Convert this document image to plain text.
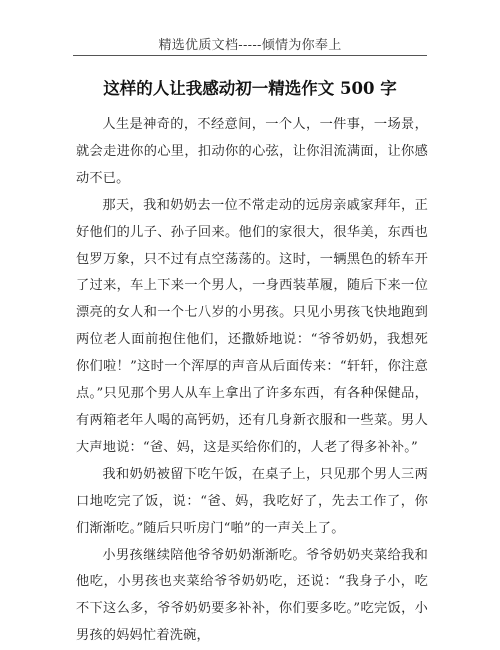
精选优质文档-----倾情为你奉上
这样的人让我感动初一精选作文 500 字

人生是神奇的，不经意间，一个人，一件事，一场景，就会走进你的心里，扣动你的心弦，让你泪流满面，让你感动不已。

那天，我和奶奶去一位不常走动的远房亲戚家拜年，正好他们的儿子、孙子回来。他们的家很大，很华美，东西也包罗万象，只不过有点空荡荡的。这时，一辆黑色的轿车开了过来，车上下来一个男人，一身西装革履，随后下来一位漂亮的女人和一个七八岁的小男孩。只见小男孩飞快地跑到两位老人面前抱住他们，还撒娇地说：“爷爷奶奶，我想死你们啦！”这时一个浑厚的声音从后面传来：“轩轩，你注意点。”只见那个男人从车上拿出了许多东西，有各种保健品，有两箱老年人喝的高钙奶，还有几身新衣服和一些菜。男人大声地说：“爸、妈，这是买给你们的，人老了得多补补。”

我和奶奶被留下吃午饭，在桌子上，只见那个男人三两口地吃完了饭，说：“爸、妈，我吃好了，先去工作了，你们渐渐吃。”随后只听房门“啪”的一声关上了。

小男孩继续陪他爷爷奶奶渐渐吃。爷爷奶奶夹菜给我和他吃，小男孩也夹菜给爷爷奶奶吃，还说：“我身子小，吃不下这么多，爷爷奶奶要多补补，你们要多吃。”吃完饭，小男孩的妈妈忙着洗碗，
